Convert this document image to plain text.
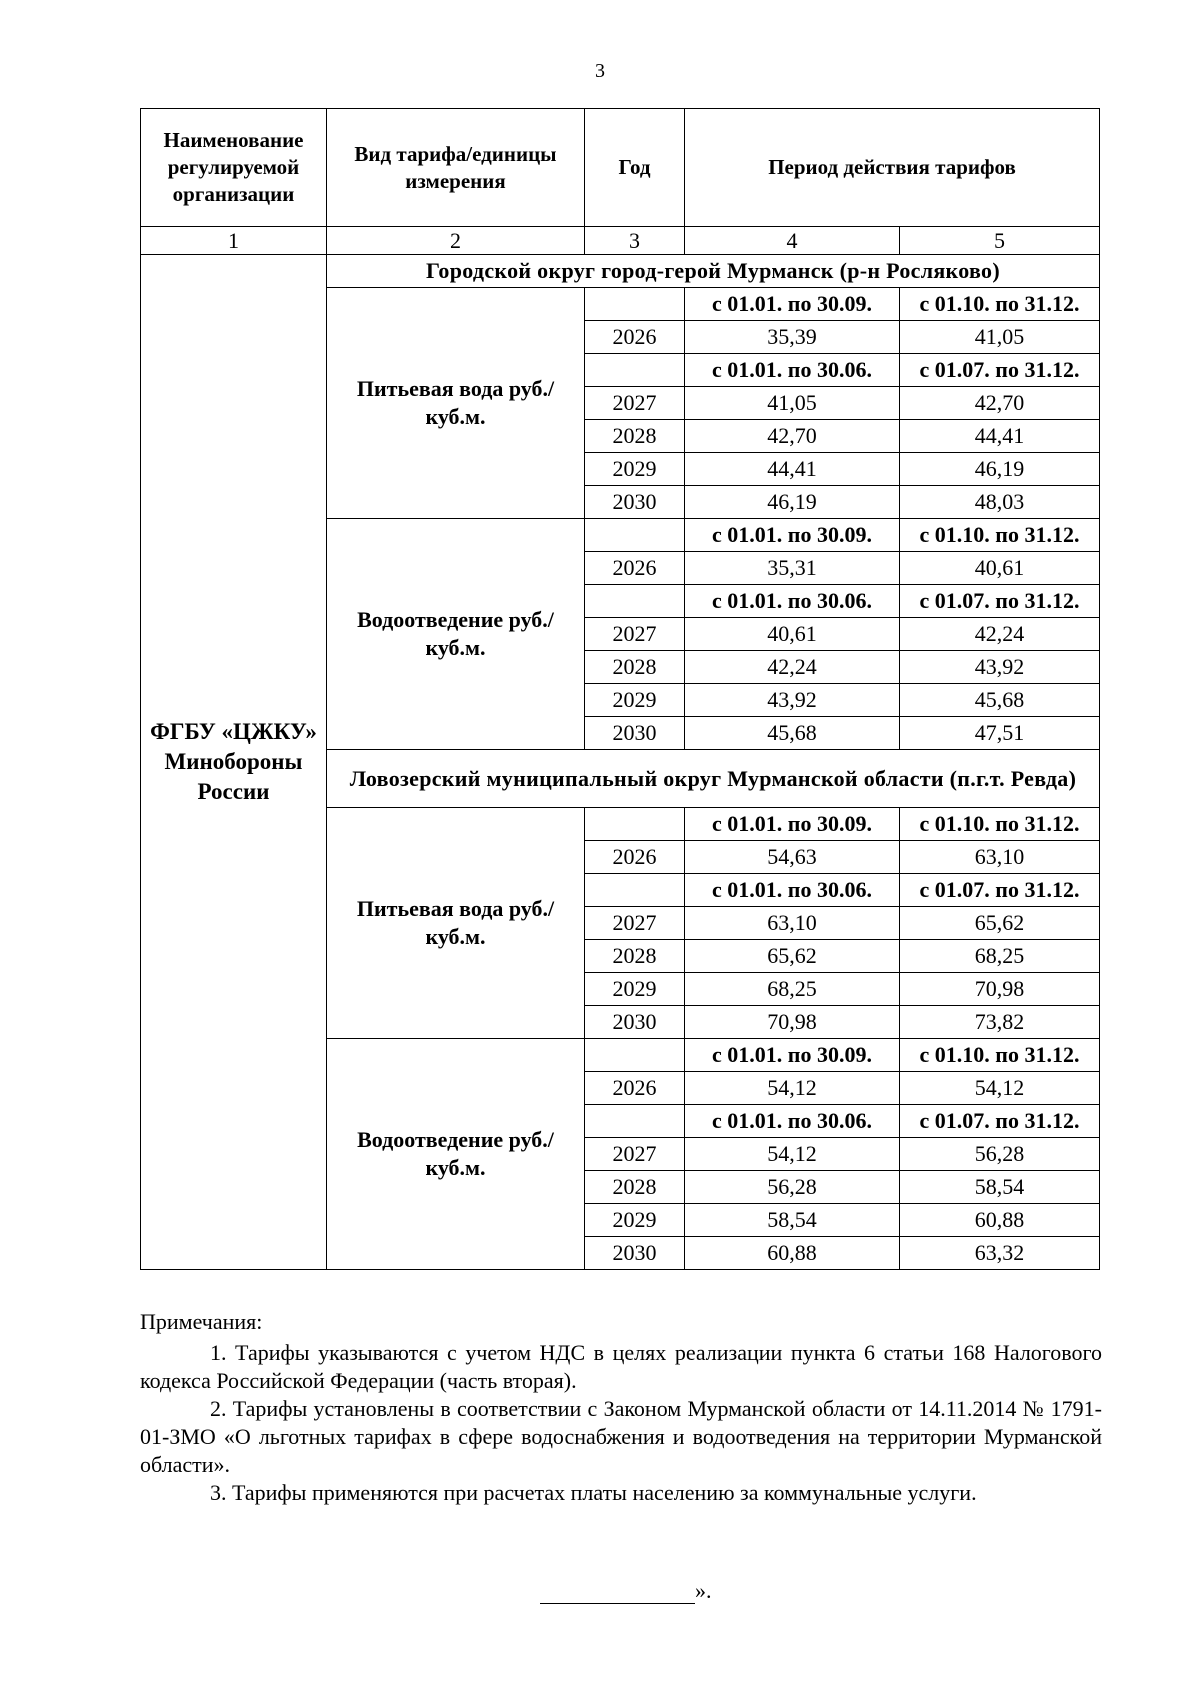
3
Наименование регулируемой организации	Вид тарифа/единицы измерения	Год	Период действия тарифов	
1	2	3	4	5
ФГБУ «ЦЖКУ» Минобороны России	Городской округ город-герой Мурманск (р-н Росляково)			
	Питьевая вода руб./куб.м.		с 01.01. по 30.09.	с 01.10. по 31.12.
		2026	35,39	41,05
			с 01.01. по 30.06.	с 01.07. по 31.12.
		2027	41,05	42,70
		2028	42,70	44,41
		2029	44,41	46,19
		2030	46,19	48,03
	Водоотведение руб./куб.м.		с 01.01. по 30.09.	с 01.10. по 31.12.
		2026	35,31	40,61
			с 01.01. по 30.06.	с 01.07. по 31.12.
		2027	40,61	42,24
		2028	42,24	43,92
		2029	43,92	45,68
		2030	45,68	47,51
	Ловозерский муниципальный округ Мурманской области (п.г.т. Ревда)			
	Питьевая вода руб./куб.м.		с 01.01. по 30.09.	с 01.10. по 31.12.
		2026	54,63	63,10
			с 01.01. по 30.06.	с 01.07. по 31.12.
		2027	63,10	65,62
		2028	65,62	68,25
		2029	68,25	70,98
		2030	70,98	73,82
	Водоотведение руб./куб.м.		с 01.01. по 30.09.	с 01.10. по 31.12.
		2026	54,12	54,12
			с 01.01. по 30.06.	с 01.07. по 31.12.
		2027	54,12	56,28
		2028	56,28	58,54
		2029	58,54	60,88
		2030	60,88	63,32

Примечания:

1. Тарифы указываются с учетом НДС в целях реализации пункта 6 статьи 168 Налогового кодекса Российской Федерации (часть вторая).

2. Тарифы установлены в соответствии с Законом Мурманской области от 14.11.2014 № 1791-01-ЗМО «О льготных тарифах в сфере водоснабжения и водоотведения на территории Мурманской области».

3. Тарифы применяются при расчетах платы населению за коммунальные услуги.

».
